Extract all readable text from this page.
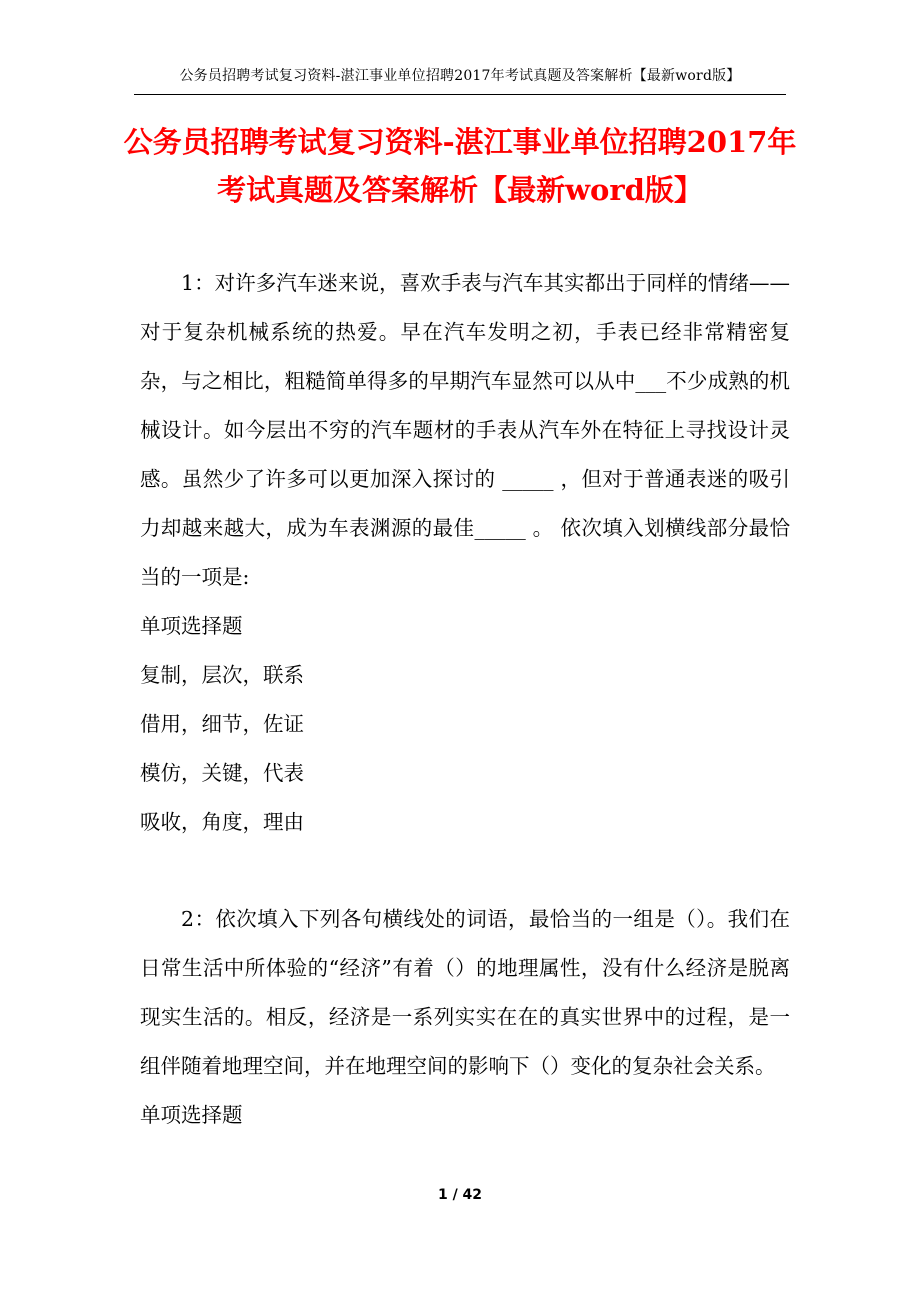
公务员招聘考试复习资料-湛江事业单位招聘2017年考试真题及答案解析【最新word版】
公务员招聘考试复习资料-湛江事业单位招聘2017年
考试真题及答案解析【最新word版】

1：对许多汽车迷来说，喜欢手表与汽车其实都出于同样的情绪——对于复杂机械系统的热爱。早在汽车发明之初，手表已经非常精密复杂，与之相比，粗糙简单得多的早期汽车显然可以从中___不少成熟的机械设计。如今层出不穷的汽车题材的手表从汽车外在特征上寻找设计灵感。虽然少了许多可以更加深入探讨的 _____ ，但对于普通表迷的吸引力却越来越大，成为车表渊源的最佳_____ 。 依次填入划横线部分最恰当的一项是:

单项选择题
复制，层次，联系
借用，细节，佐证
模仿，关键，代表
吸收，角度，理由

2：依次填入下列各句横线处的词语，最恰当的一组是（）。我们在日常生活中所体验的“经济”有着（）的地理属性，没有什么经济是脱离现实生活的。相反，经济是一系列实实在在的真实世界中的过程，是一组伴随着地理空间，并在地理空间的影响下（）变化的复杂社会关系。

单项选择题
1 / 42
